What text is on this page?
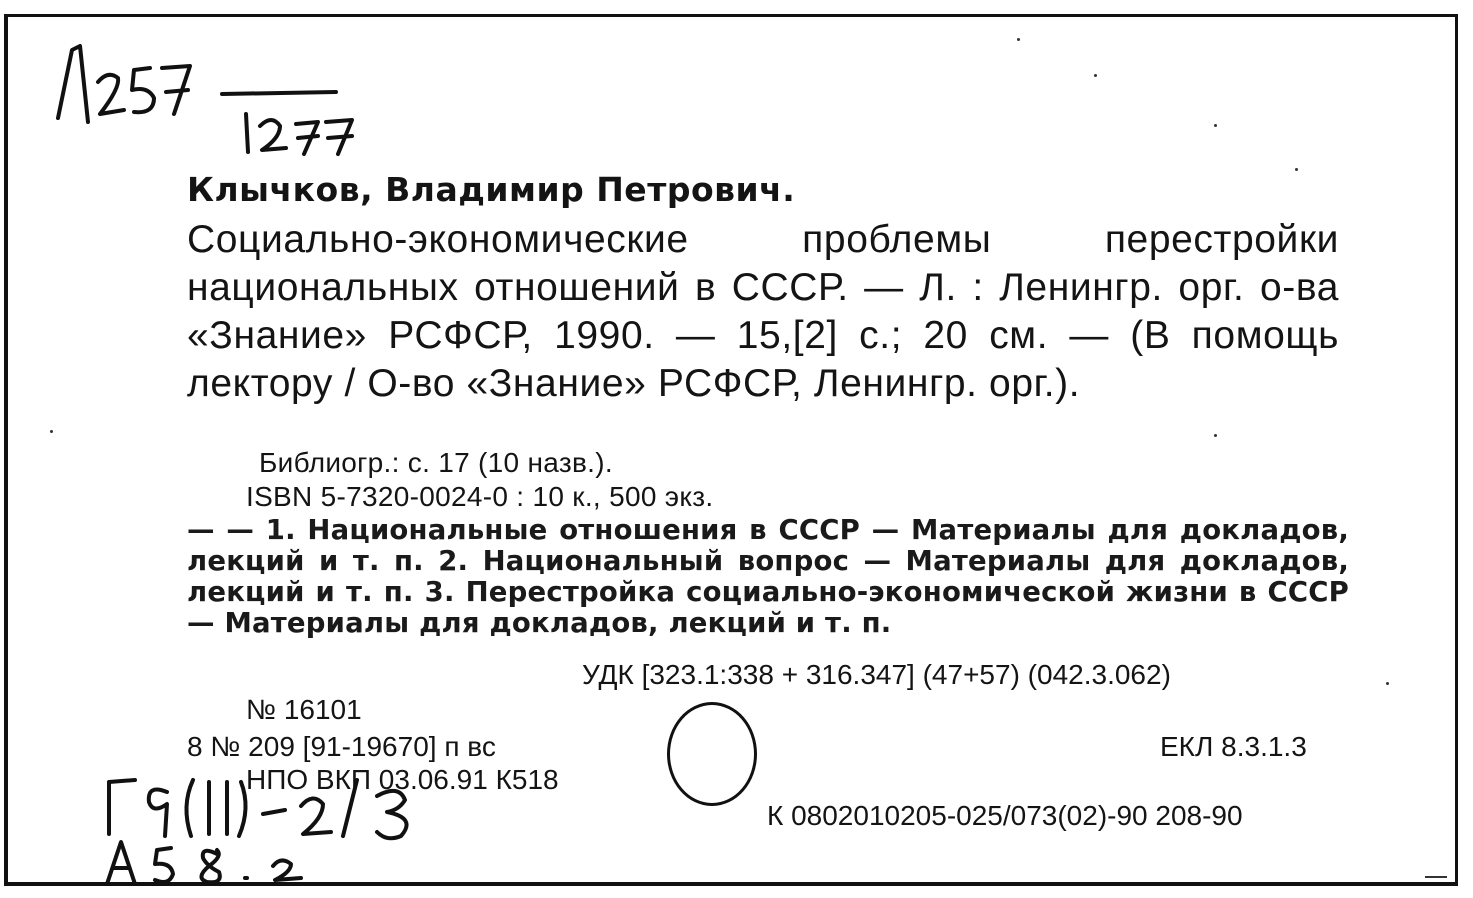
Клычков, Владимир Петрович.
Социально-экономические проблемы перестройки национальных отношений в СССР. — Л. : Ленингр. орг. о-ва «Знание» РСФСР, 1990. — 15,[2] с.; 20 см. — (В помощь лектору / О-во «Знание» РСФСР, Ленингр. орг.).
Библиогр.: с. 17 (10 назв.).
ISBN 5-7320-0024-0 : 10 к., 500 экз.
— — 1. Национальные отношения в СССР — Материалы для докладов, лекций и т. п. 2. Национальный вопрос — Материалы для докладов, лекций и т. п. 3. Перестройка социально-экономической жизни в СССР — Материалы для докладов, лекций и т. п.
УДК [323.1:338 + 316.347] (47+57) (042.3.062)
№ 16101
8 № 209 [91-19670] п вс
НПО ВКП 03.06.91 К518
ЕКЛ 8.3.1.3
К 0802010205-025/073(02)-90 208-90
